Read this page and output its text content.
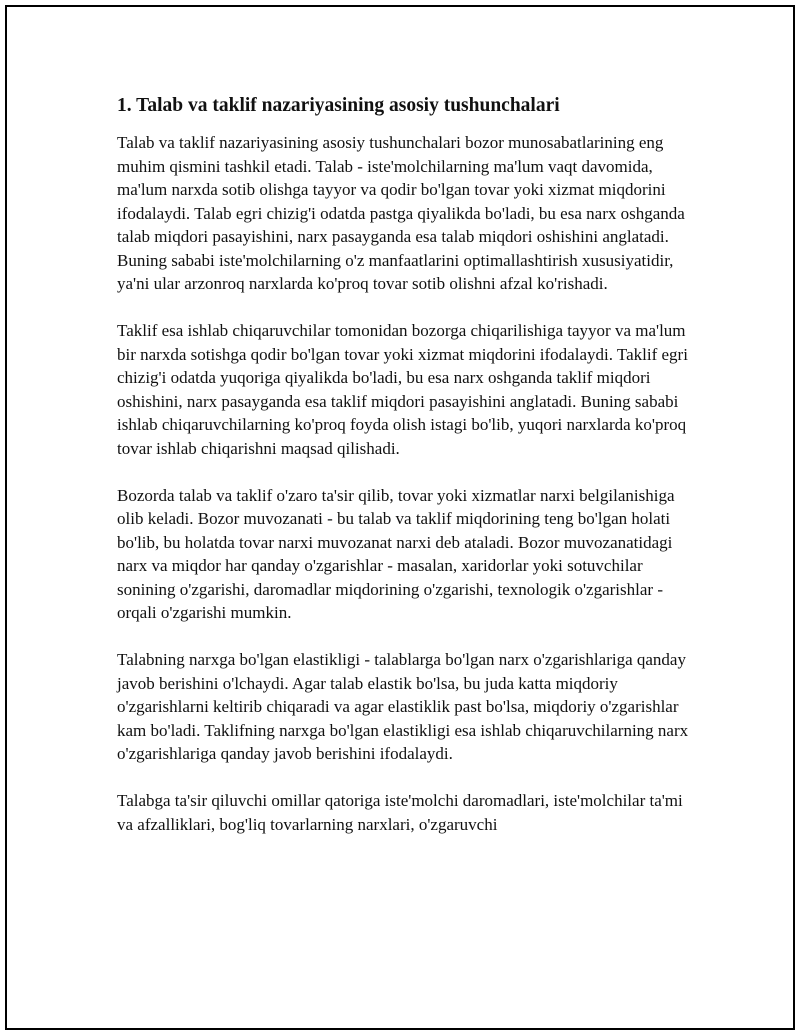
1. Talab va taklif nazariyasining asosiy tushunchalari

Talab va taklif nazariyasining asosiy tushunchalari bozor munosabatlarining eng muhim qismini tashkil etadi. Talab - iste'molchilarning ma'lum vaqt davomida, ma'lum narxda sotib olishga tayyor va qodir bo'lgan tovar yoki xizmat miqdorini ifodalaydi. Talab egri chizig'i odatda pastga qiyalikda bo'ladi, bu esa narx oshganda talab miqdori pasayishini, narx pasayganda esa talab miqdori oshishini anglatadi. Buning sababi iste'molchilarning o'z manfaatlarini optimallashtirish xususiyatidir, ya'ni ular arzonroq narxlarda ko'proq tovar sotib olishni afzal ko'rishadi.

Taklif esa ishlab chiqaruvchilar tomonidan bozorga chiqarilishiga tayyor va ma'lum bir narxda sotishga qodir bo'lgan tovar yoki xizmat miqdorini ifodalaydi. Taklif egri chizig'i odatda yuqoriga qiyalikda bo'ladi, bu esa narx oshganda taklif miqdori oshishini, narx pasayganda esa taklif miqdori pasayishini anglatadi. Buning sababi ishlab chiqaruvchilarning ko'proq foyda olish istagi bo'lib, yuqori narxlarda ko'proq tovar ishlab chiqarishni maqsad qilishadi.

Bozorda talab va taklif o'zaro ta'sir qilib, tovar yoki xizmatlar narxi belgilanishiga olib keladi. Bozor muvozanati - bu talab va taklif miqdorining teng bo'lgan holati bo'lib, bu holatda tovar narxi muvozanat narxi deb ataladi. Bozor muvozanatidagi narx va miqdor har qanday o'zgarishlar - masalan, xaridorlar yoki sotuvchilar sonining o'zgarishi, daromadlar miqdorining o'zgarishi, texnologik o'zgarishlar - orqali o'zgarishi mumkin.

Talabning narxga bo'lgan elastikligi - talablarga bo'lgan narx o'zgarishlariga qanday javob berishini o'lchaydi. Agar talab elastik bo'lsa, bu juda katta miqdoriy o'zgarishlarni keltirib chiqaradi va agar elastiklik past bo'lsa, miqdoriy o'zgarishlar kam bo'ladi. Taklifning narxga bo'lgan elastikligi esa ishlab chiqaruvchilarning narx o'zgarishlariga qanday javob berishini ifodalaydi.

Talabga ta'sir qiluvchi omillar qatoriga iste'molchi daromadlari, iste'molchilar ta'mi va afzalliklari, bog'liq tovarlarning narxlari, o'zgaruvchi
